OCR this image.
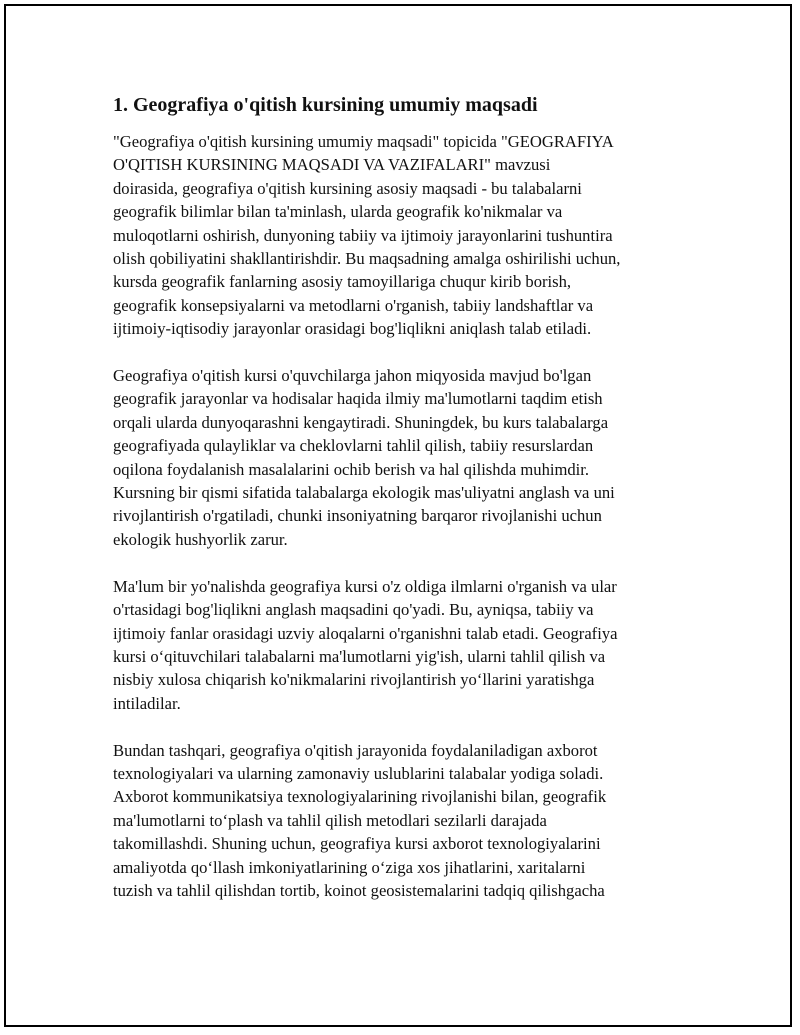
1. Geografiya o'qitish kursining umumiy maqsadi

"Geografiya o'qitish kursining umumiy maqsadi" topicida "GEOGRAFIYA
O'QITISH KURSINING MAQSADI VA VAZIFALARI" mavzusi
doirasida, geografiya o'qitish kursining asosiy maqsadi - bu talabalarni
geografik bilimlar bilan ta'minlash, ularda geografik ko'nikmalar va
muloqotlarni oshirish, dunyoning tabiiy va ijtimoiy jarayonlarini tushuntira
olish qobiliyatini shakllantirishdir. Bu maqsadning amalga oshirilishi uchun,
kursda geografik fanlarning asosiy tamoyillariga chuqur kirib borish,
geografik konsepsiyalarni va metodlarni o'rganish, tabiiy landshaftlar va
ijtimoiy-iqtisodiy jarayonlar orasidagi bog'liqlikni aniqlash talab etiladi.

Geografiya o'qitish kursi o'quvchilarga jahon miqyosida mavjud bo'lgan
geografik jarayonlar va hodisalar haqida ilmiy ma'lumotlarni taqdim etish
orqali ularda dunyoqarashni kengaytiradi. Shuningdek, bu kurs talabalarga
geografiyada qulayliklar va cheklovlarni tahlil qilish, tabiiy resurslardan
oqilona foydalanish masalalarini ochib berish va hal qilishda muhimdir.
Kursning bir qismi sifatida talabalarga ekologik mas'uliyatni anglash va uni
rivojlantirish o'rgatiladi, chunki insoniyatning barqaror rivojlanishi uchun
ekologik hushyorlik zarur.

Ma'lum bir yo'nalishda geografiya kursi o'z oldiga ilmlarni o'rganish va ular
o'rtasidagi bog'liqlikni anglash maqsadini qo'yadi. Bu, ayniqsa, tabiiy va
ijtimoiy fanlar orasidagi uzviy aloqalarni o'rganishni talab etadi. Geografiya
kursi o‘qituvchilari talabalarni ma'lumotlarni yig'ish, ularni tahlil qilish va
nisbiy xulosa chiqarish ko'nikmalarini rivojlantirish yo‘llarini yaratishga
intiladilar.

Bundan tashqari, geografiya o'qitish jarayonida foydalaniladigan axborot
texnologiyalari va ularning zamonaviy uslublarini talabalar yodiga soladi.
Axborot kommunikatsiya texnologiyalarining rivojlanishi bilan, geografik
ma'lumotlarni to‘plash va tahlil qilish metodlari sezilarli darajada
takomillashdi. Shuning uchun, geografiya kursi axborot texnologiyalarini
amaliyotda qo‘llash imkoniyatlarining o‘ziga xos jihatlarini, xaritalarni
tuzish va tahlil qilishdan tortib, koinot geosistemalarini tadqiq qilishgacha
